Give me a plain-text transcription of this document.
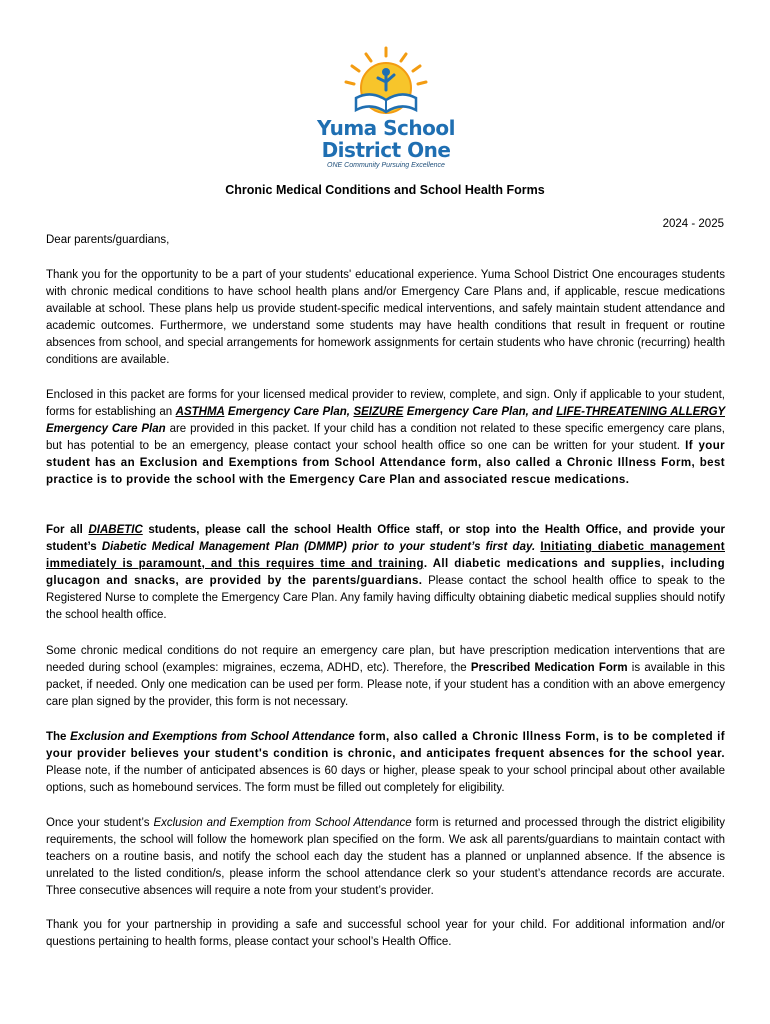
Yuma School
District One
ONE Community Pursuing Excellence
Chronic Medical Conditions and School Health Forms
2024 - 2025
Dear parents/guardians,

Thank you for the opportunity to be a part of your students' educational experience. Yuma School District One encourages students with chronic medical conditions to have school health plans and/or Emergency Care Plans and, if applicable, rescue medications available at school. These plans help us provide student-specific medical interventions, and safely maintain student attendance and academic outcomes. Furthermore, we understand some students may have health conditions that result in frequent or routine absences from school, and special arrangements for homework assignments for certain students who have chronic (recurring) health conditions are available.

Enclosed in this packet are forms for your licensed medical provider to review, complete, and sign. Only if applicable to your student, forms for establishing an ASTHMA Emergency Care Plan, SEIZURE Emergency Care Plan, and LIFE-THREATENING ALLERGY Emergency Care Plan are provided in this packet. If your child has a condition not related to these specific emergency care plans, but has potential to be an emergency, please contact your school health office so one can be written for your student. If your student has an Exclusion and Exemptions from School Attendance form, also called a Chronic Illness Form, best practice is to provide the school with the Emergency Care Plan and associated rescue medications.

For all DIABETIC students, please call the school Health Office staff, or stop into the Health Office, and provide your student’s Diabetic Medical Management Plan (DMMP) prior to your student’s first day. Initiating diabetic management immediately is paramount, and this requires time and training. All diabetic medications and supplies, including glucagon and snacks, are provided by the parents/guardians. Please contact the school health office to speak to the Registered Nurse to complete the Emergency Care Plan. Any family having difficulty obtaining diabetic medical supplies should notify the school health office.

Some chronic medical conditions do not require an emergency care plan, but have prescription medication interventions that are needed during school (examples: migraines, eczema, ADHD, etc). Therefore, the Prescribed Medication Form is available in this packet, if needed. Only one medication can be used per form. Please note, if your student has a condition with an above emergency care plan signed by the provider, this form is not necessary.

The Exclusion and Exemptions from School Attendance form, also called a Chronic Illness Form, is to be completed if your provider believes your student's condition is chronic, and anticipates frequent absences for the school year. Please note, if the number of anticipated absences is 60 days or higher, please speak to your school principal about other available options, such as homebound services. The form must be filled out completely for eligibility.

Once your student’s Exclusion and Exemption from School Attendance form is returned and processed through the district eligibility requirements, the school will follow the homework plan specified on the form. We ask all parents/guardians to maintain contact with teachers on a routine basis, and notify the school each day the student has a planned or unplanned absence. If the absence is unrelated to the listed condition/s, please inform the school attendance clerk so your student’s attendance records are accurate. Three consecutive absences will require a note from your student’s provider.

Thank you for your partnership in providing a safe and successful school year for your child. For additional information and/or questions pertaining to health forms, please contact your school’s Health Office.
